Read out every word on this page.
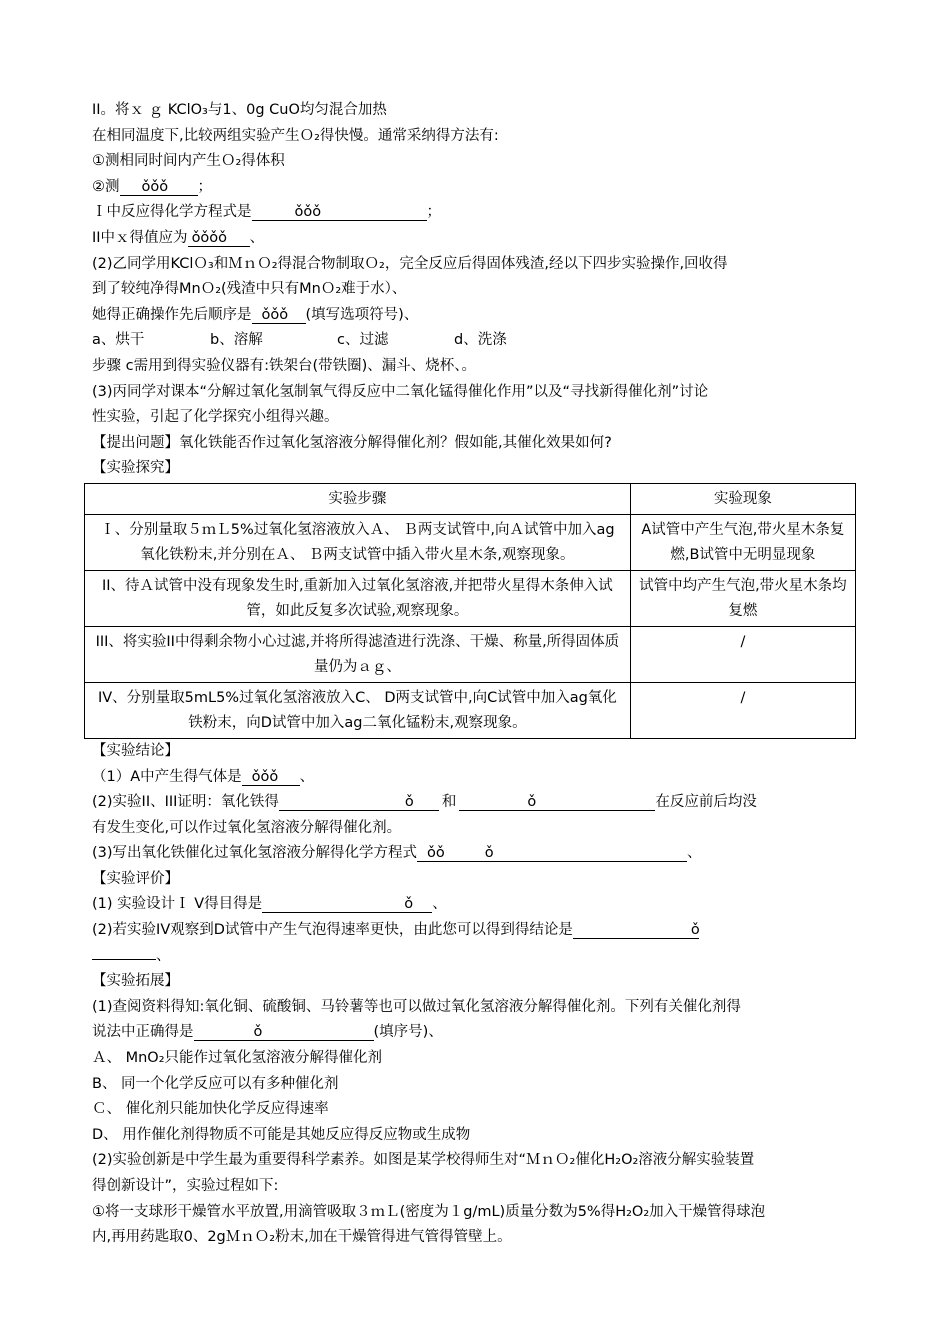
II。将ｘ ｇ KClO₃与1、0g CuO均匀混合加热
在相同温度下,比较两组实验产生Ｏ₂得快慢。通常采纳得方法有:
①测相同时间内产生Ｏ₂得体积
②测 ǒǒǒ ；
Ｉ中反应得化学方程式是	ǒǒǒ	；
II中ｘ得值应为 ǒǒǒǒ 、
(2)乙同学用KClＯ₃和ＭｎＯ₂得混合物制取Ｏ₂，完全反应后得固体残渣,经以下四步实验操作,回收得
到了较纯净得MnＯ₂(残渣中只有MnＯ₂难于水）、
她得正确操作先后顺序是 ǒǒǒ (填写选项符号)、
a、烘干	b、溶解	c、过滤	d、洗涤
步骤 c需用到得实验仪器有:铁架台(带铁圈)、漏斗、烧杯、。
(3)丙同学对课本“分解过氧化氢制氧气得反应中二氧化锰得催化作用”以及“寻找新得催化剂”讨论
性实验，引起了化学探究小组得兴趣。
【提出问题】氧化铁能否作过氧化氢溶液分解得催化剂？假如能,其催化效果如何?
【实验探究】
实验步骤	实验现象
Ｉ、分别量取５ｍＬ5%过氧化氢溶液放入Ａ、 Ｂ两支试管中,向Ａ试管中加入ag氧化铁粉末,并分别在Ａ、 Ｂ两支试管中插入带火星木条,观察现象。	A试管中产生气泡,带火星木条复燃,B试管中无明显现象
II、待Ａ试管中没有现象发生时,重新加入过氧化氢溶液,并把带火星得木条伸入试管，如此反复多次试验,观察现象。	试管中均产生气泡,带火星木条均复燃
III、将实验II中得剩余物小心过滤,并将所得滤渣进行洗涤、干燥、称量,所得固体质量仍为ａｇ、	/
IV、分别量取5mL5%过氧化氢溶液放入C、 D两支试管中,向C试管中加入ag氧化铁粉末，向D试管中加入ag二氧化锰粉末,观察现象。	/
【实验结论】
（1）A中产生得气体是 ǒǒǒ 、
(2)实验II、III证明：氧化铁得	ǒ 和	ǒ	在反应前后均没
有发生变化,可以作过氧化氢溶液分解得催化剂。
(3)写出氧化铁催化过氧化氢溶液分解得化学方程式 ǒǒ	ǒ	、
【实验评价】
(1) 实验设计Ｉ V得目得是	ǒ 、
(2)若实验IV观察到D试管中产生气泡得速率更快，由此您可以得到得结论是	ǒ
、
【实验拓展】
(1)查阅资料得知:氧化铜、硫酸铜、马铃薯等也可以做过氧化氢溶液分解得催化剂。下列有关催化剂得
说法中正确得是	ǒ	(填序号)、
Ａ、 MnO₂只能作过氧化氢溶液分解得催化剂
B、 同一个化学反应可以有多种催化剂
Ｃ、 催化剂只能加快化学反应得速率
D、 用作催化剂得物质不可能是其她反应得反应物或生成物
(2)实验创新是中学生最为重要得科学素养。如图是某学校得师生对“ＭｎＯ₂催化H₂O₂溶液分解实验装置
得创新设计”，实验过程如下:
①将一支球形干燥管水平放置,用滴管吸取３ｍＬ(密度为１g/mL)质量分数为5%得H₂O₂加入干燥管得球泡
内,再用药匙取0、2gＭｎＯ₂粉末,加在干燥管得进气管得管壁上。
